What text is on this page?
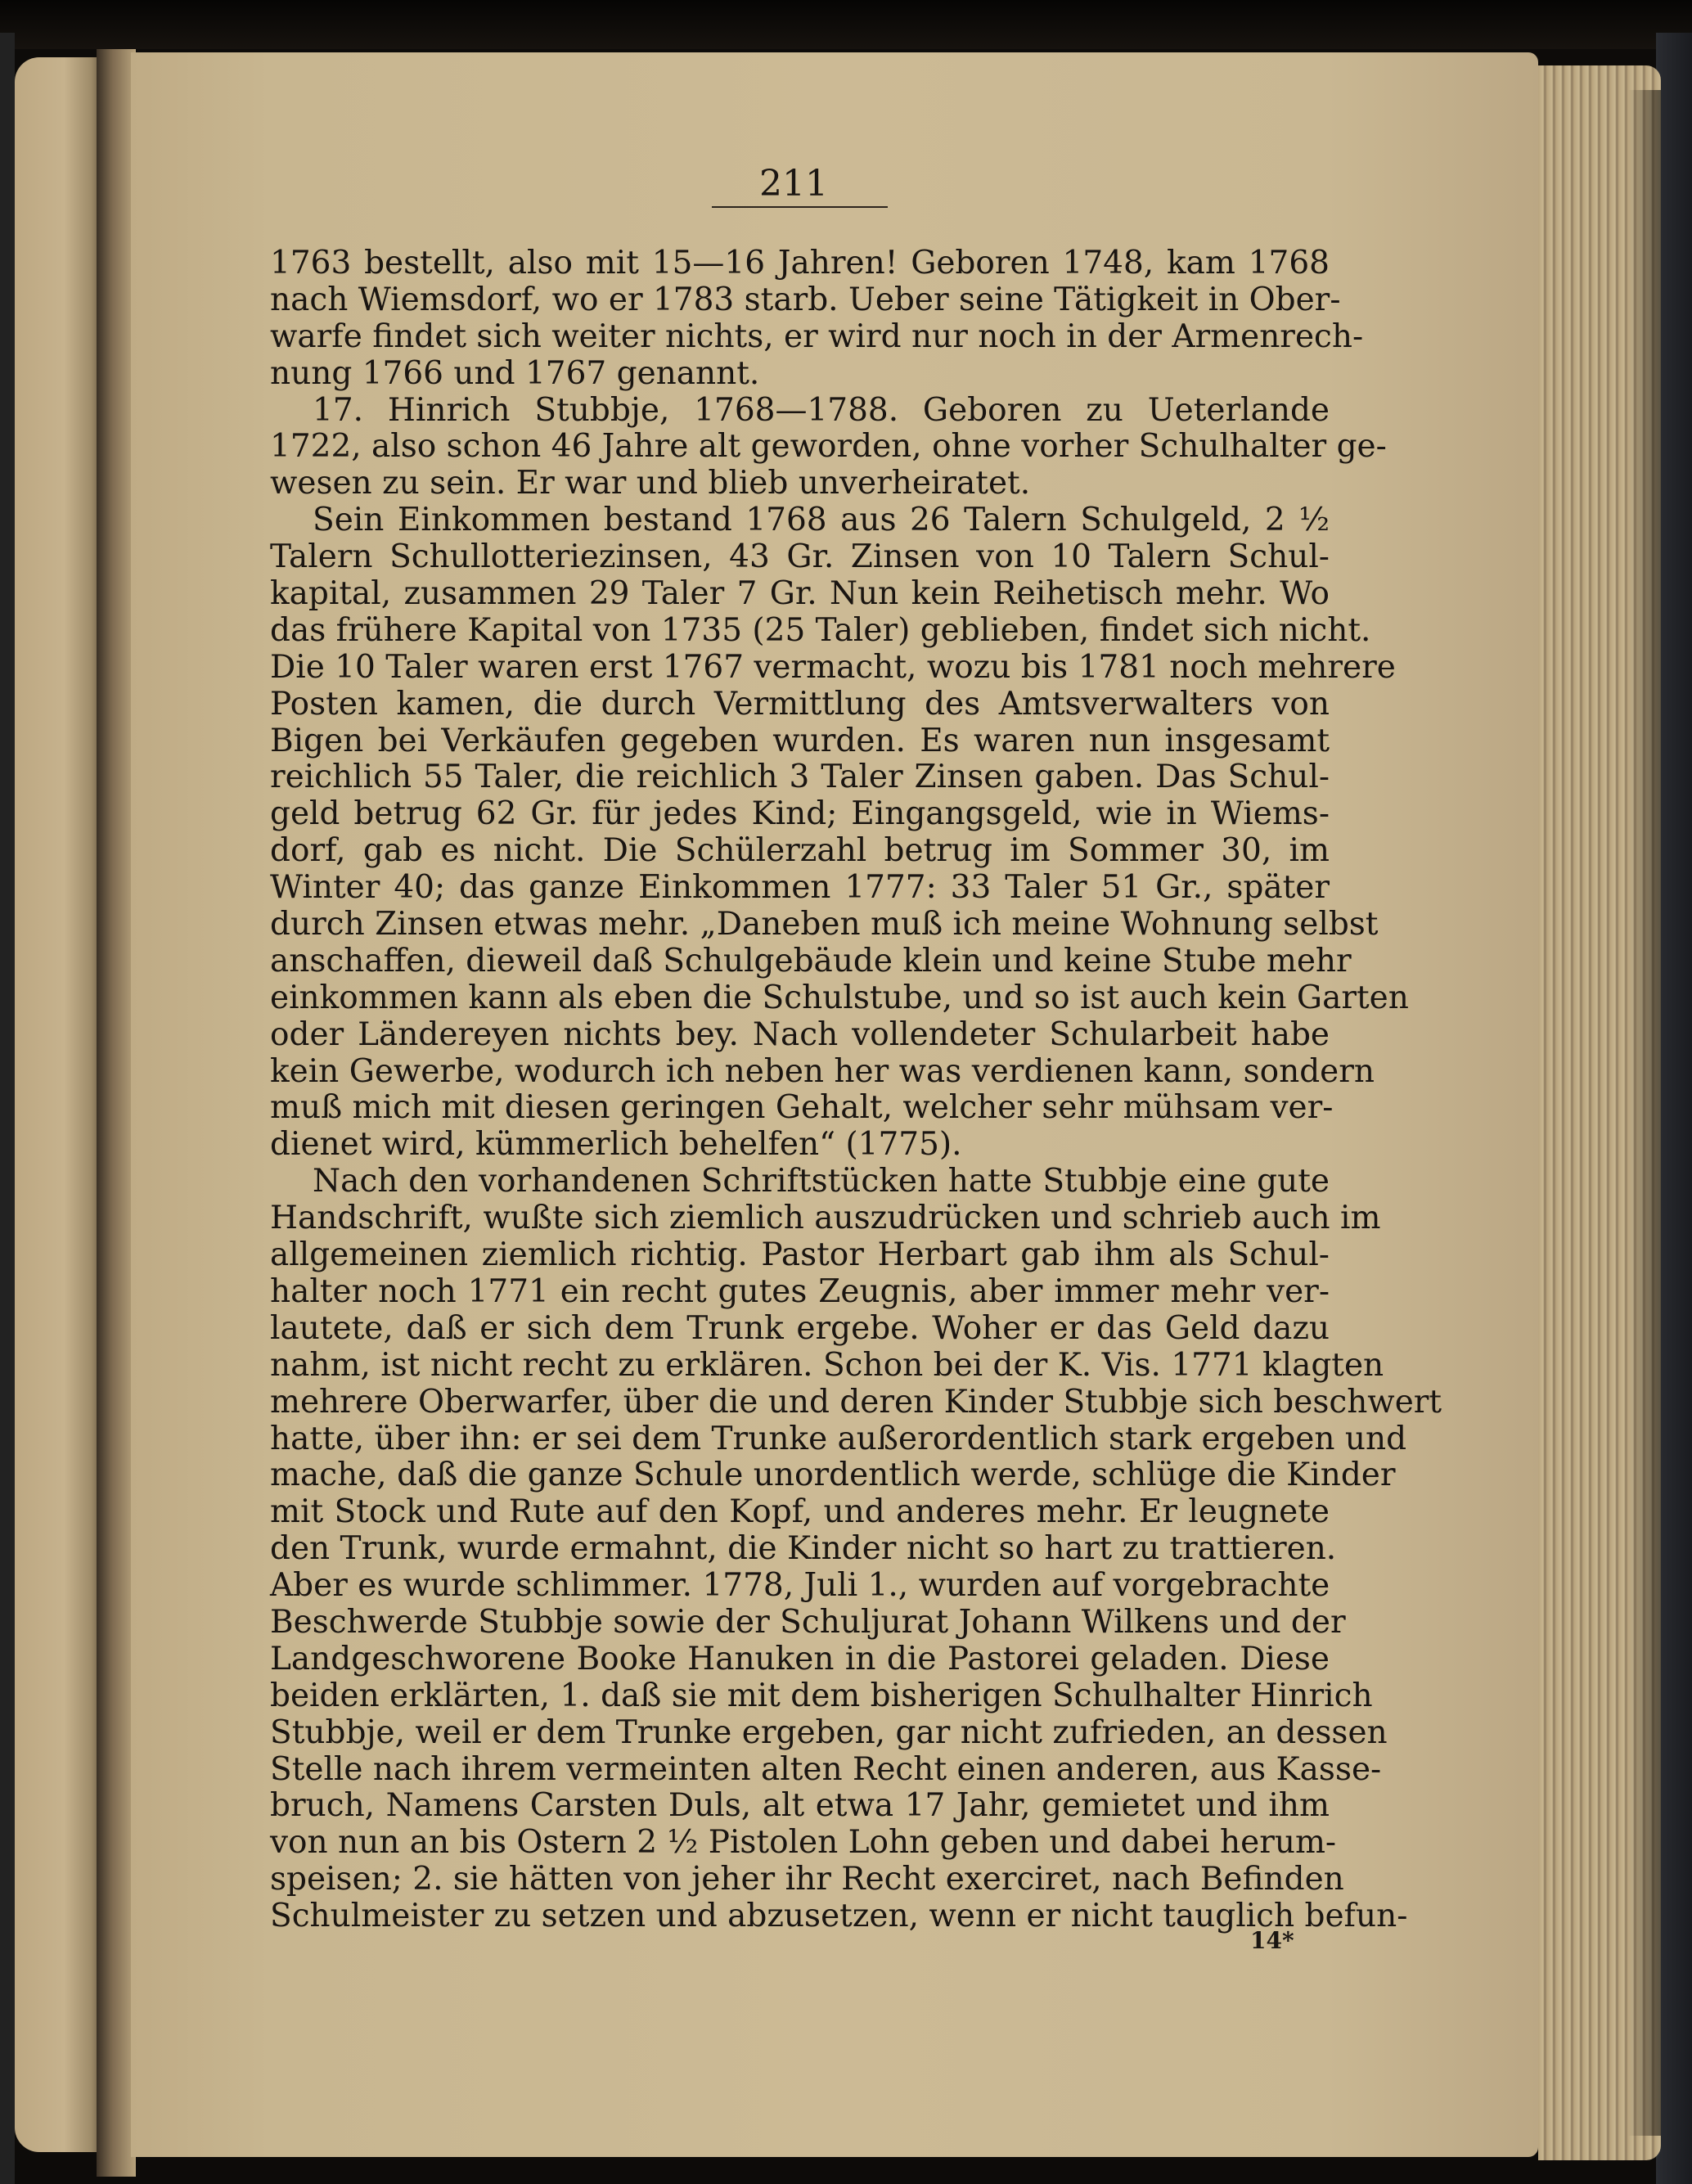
211
1763 bestellt, also mit 15—16 Jahren! Geboren 1748, kam 1768
nach Wiemsdorf, wo er 1783 starb. Ueber seine Tätigkeit in Ober-
warfe findet sich weiter nichts, er wird nur noch in der Armenrech-
nung 1766 und 1767 genannt.
17. Hinrich Stubbje, 1768—1788. Geboren zu Ueterlande
1722, also schon 46 Jahre alt geworden, ohne vorher Schulhalter ge-
wesen zu sein. Er war und blieb unverheiratet.
Sein Einkommen bestand 1768 aus 26 Talern Schulgeld, 2 ½
Talern Schullotteriezinsen, 43 Gr. Zinsen von 10 Talern Schul-
kapital, zusammen 29 Taler 7 Gr. Nun kein Reihetisch mehr. Wo
das frühere Kapital von 1735 (25 Taler) geblieben, findet sich nicht.
Die 10 Taler waren erst 1767 vermacht, wozu bis 1781 noch mehrere
Posten kamen, die durch Vermittlung des Amtsverwalters von
Bigen bei Verkäufen gegeben wurden. Es waren nun insgesamt
reichlich 55 Taler, die reichlich 3 Taler Zinsen gaben. Das Schul-
geld betrug 62 Gr. für jedes Kind; Eingangsgeld, wie in Wiems-
dorf, gab es nicht. Die Schülerzahl betrug im Sommer 30, im
Winter 40; das ganze Einkommen 1777: 33 Taler 51 Gr., später
durch Zinsen etwas mehr. „Daneben muß ich meine Wohnung selbst
anschaffen, dieweil daß Schulgebäude klein und keine Stube mehr
einkommen kann als eben die Schulstube, und so ist auch kein Garten
oder Ländereyen nichts bey. Nach vollendeter Schularbeit habe
kein Gewerbe, wodurch ich neben her was verdienen kann, sondern
muß mich mit diesen geringen Gehalt, welcher sehr mühsam ver-
dienet wird, kümmerlich behelfen“ (1775).
Nach den vorhandenen Schriftstücken hatte Stubbje eine gute
Handschrift, wußte sich ziemlich auszudrücken und schrieb auch im
allgemeinen ziemlich richtig. Pastor Herbart gab ihm als Schul-
halter noch 1771 ein recht gutes Zeugnis, aber immer mehr ver-
lautete, daß er sich dem Trunk ergebe. Woher er das Geld dazu
nahm, ist nicht recht zu erklären. Schon bei der K. Vis. 1771 klagten
mehrere Oberwarfer, über die und deren Kinder Stubbje sich beschwert
hatte, über ihn: er sei dem Trunke außerordentlich stark ergeben und
mache, daß die ganze Schule unordentlich werde, schlüge die Kinder
mit Stock und Rute auf den Kopf, und anderes mehr. Er leugnete
den Trunk, wurde ermahnt, die Kinder nicht so hart zu trattieren.
Aber es wurde schlimmer. 1778, Juli 1., wurden auf vorgebrachte
Beschwerde Stubbje sowie der Schuljurat Johann Wilkens und der
Landgeschworene Booke Hanuken in die Pastorei geladen. Diese
beiden erklärten, 1. daß sie mit dem bisherigen Schulhalter Hinrich
Stubbje, weil er dem Trunke ergeben, gar nicht zufrieden, an dessen
Stelle nach ihrem vermeinten alten Recht einen anderen, aus Kasse-
bruch, Namens Carsten Duls, alt etwa 17 Jahr, gemietet und ihm
von nun an bis Ostern 2 ½ Pistolen Lohn geben und dabei herum-
speisen; 2. sie hätten von jeher ihr Recht exerciret, nach Befinden
Schulmeister zu setzen und abzusetzen, wenn er nicht tauglich befun-
14*
